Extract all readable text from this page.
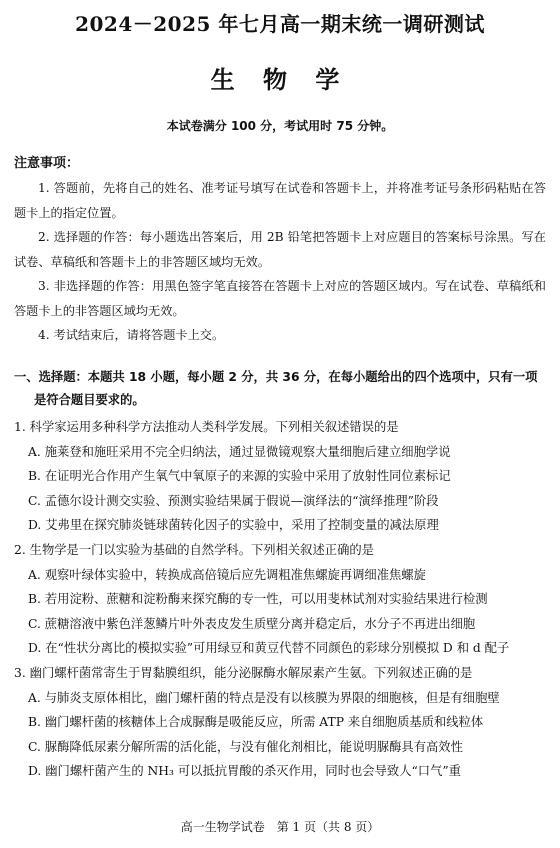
2024－2025 年七月高一期末统一调研测试
生 物 学
本试卷满分 100 分，考试用时 75 分钟。
注意事项：

1. 答题前，先将自己的姓名、准考证号填写在试卷和答题卡上，并将准考证号条形码粘贴在答题卡上的指定位置。

2. 选择题的作答：每小题选出答案后，用 2B 铅笔把答题卡上对应题目的答案标号涂黑。写在试卷、草稿纸和答题卡上的非答题区域均无效。

3. 非选择题的作答：用黑色签字笔直接答在答题卡上对应的答题区域内。写在试卷、草稿纸和答题卡上的非答题区域均无效。

4. 考试结束后，请将答题卡上交。

一、选择题：本题共 18 小题，每小题 2 分，共 36 分，在每小题给出的四个选项中，只有一项
是符合题目要求的。

1. 科学家运用多种科学方法推动人类科学发展。下列相关叙述错误的是

A. 施莱登和施旺采用不完全归纳法，通过显微镜观察大量细胞后建立细胞学说

B. 在证明光合作用产生氧气中氧原子的来源的实验中采用了放射性同位素标记

C. 孟德尔设计测交实验、预测实验结果属于假说—演绎法的“演绎推理”阶段

D. 艾弗里在探究肺炎链球菌转化因子的实验中，采用了控制变量的减法原理

2. 生物学是一门以实验为基础的自然学科。下列相关叙述正确的是

A. 观察叶绿体实验中，转换成高倍镜后应先调粗准焦螺旋再调细准焦螺旋

B. 若用淀粉、蔗糖和淀粉酶来探究酶的专一性，可以用斐林试剂对实验结果进行检测

C. 蔗糖溶液中紫色洋葱鳞片叶外表皮发生质壁分离并稳定后，水分子不再进出细胞

D. 在“性状分离比的模拟实验”可用绿豆和黄豆代替不同颜色的彩球分别模拟 D 和 d 配子

3. 幽门螺杆菌常寄生于胃黏膜组织，能分泌脲酶水解尿素产生氨。下列叙述正确的是

A. 与肺炎支原体相比，幽门螺杆菌的特点是没有以核膜为界限的细胞核，但是有细胞壁

B. 幽门螺杆菌的核糖体上合成脲酶是吸能反应，所需 ATP 来自细胞质基质和线粒体

C. 脲酶降低尿素分解所需的活化能，与没有催化剂相比，能说明脲酶具有高效性

D. 幽门螺杆菌产生的 NH₃ 可以抵抗胃酸的杀灭作用，同时也会导致人“口气”重

高一生物学试卷　第 1 页（共 8 页）
